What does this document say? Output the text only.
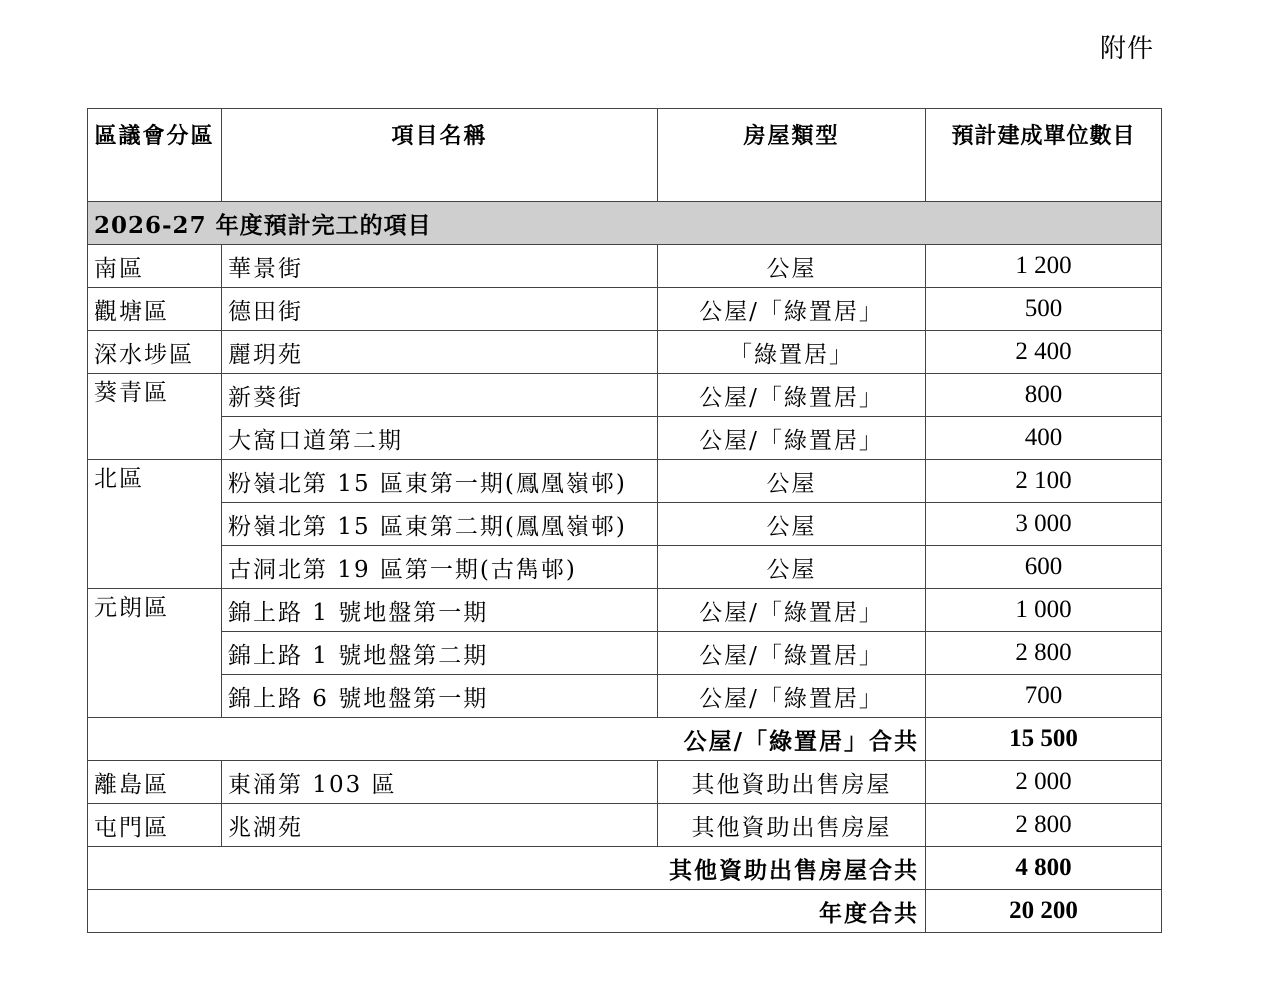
附件
區議會分區	項目名稱	房屋類型	預計建成單位數目
2026-27 年度預計完工的項目			
南區	華景街	公屋	1 200
觀塘區	德田街	公屋/「綠置居」	500
深水埗區	麗玥苑	「綠置居」	2 400
葵青區	新葵街	公屋/「綠置居」	800
	大窩口道第二期	公屋/「綠置居」	400
北區	粉嶺北第 15 區東第一期(鳳凰嶺邨)	公屋	2 100
	粉嶺北第 15 區東第二期(鳳凰嶺邨)	公屋	3 000
	古洞北第 19 區第一期(古雋邨)	公屋	600
元朗區	錦上路 1 號地盤第一期	公屋/「綠置居」	1 000
	錦上路 1 號地盤第二期	公屋/「綠置居」	2 800
	錦上路 6 號地盤第一期	公屋/「綠置居」	700
公屋/「綠置居」合共			15 500
離島區	東涌第 103 區	其他資助出售房屋	2 000
屯門區	兆湖苑	其他資助出售房屋	2 800
其他資助出售房屋合共			4 800
年度合共			20 200
